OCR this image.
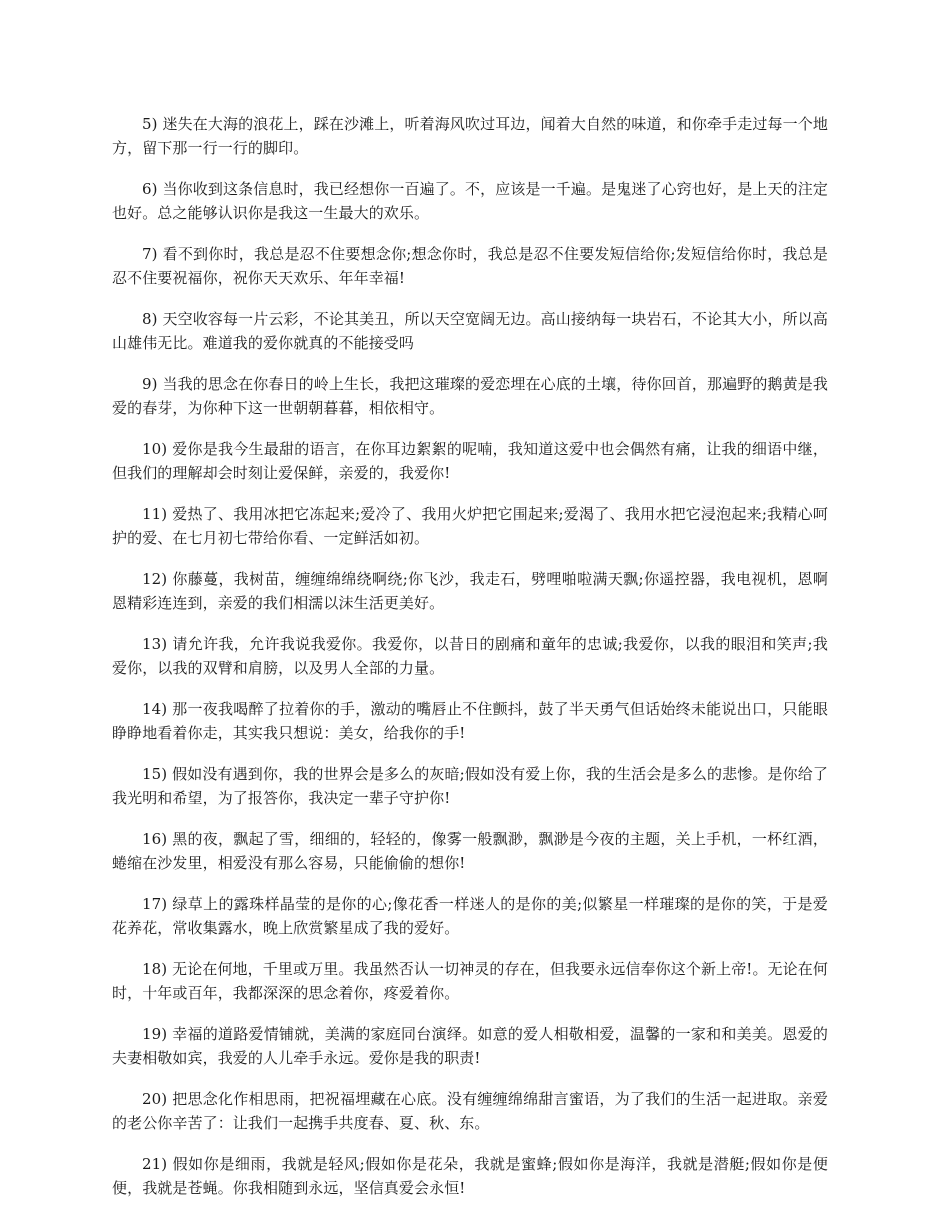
5) 迷失在大海的浪花上，踩在沙滩上，听着海风吹过耳边，闻着大自然的味道，和你牵手走过每一个地方，留下那一行一行的脚印。

6) 当你收到这条信息时，我已经想你一百遍了。不，应该是一千遍。是鬼迷了心窍也好，是上天的注定也好。总之能够认识你是我这一生最大的欢乐。

7) 看不到你时，我总是忍不住要想念你;想念你时，我总是忍不住要发短信给你;发短信给你时，我总是忍不住要祝福你，祝你天天欢乐、年年幸福!

8) 天空收容每一片云彩，不论其美丑，所以天空宽阔无边。高山接纳每一块岩石，不论其大小，所以高山雄伟无比。难道我的爱你就真的不能接受吗

9) 当我的思念在你春日的岭上生长，我把这璀璨的爱恋埋在心底的土壤，待你回首，那遍野的鹅黄是我爱的春芽，为你种下这一世朝朝暮暮，相依相守。

10) 爱你是我今生最甜的语言，在你耳边絮絮的呢喃，我知道这爱中也会偶然有痛，让我的细语中继，但我们的理解却会时刻让爱保鲜，亲爱的，我爱你!

11) 爱热了、我用冰把它冻起来;爱冷了、我用火炉把它围起来;爱渴了、我用水把它浸泡起来;我精心呵护的爱、在七月初七带给你看、一定鲜活如初。

12) 你藤蔓，我树苗，缠缠绵绵绕啊绕;你飞沙，我走石，劈哩啪啦满天飘;你遥控器，我电视机，恩啊恩精彩连连到，亲爱的我们相濡以沫生活更美好。

13) 请允许我，允许我说我爱你。我爱你，以昔日的剧痛和童年的忠诚;我爱你，以我的眼泪和笑声;我爱你，以我的双臂和肩膀，以及男人全部的力量。

14) 那一夜我喝醉了拉着你的手，激动的嘴唇止不住颤抖，鼓了半天勇气但话始终未能说出口，只能眼睁睁地看着你走，其实我只想说：美女，给我你的手!

15) 假如没有遇到你，我的世界会是多么的灰暗;假如没有爱上你，我的生活会是多么的悲惨。是你给了我光明和希望，为了报答你，我决定一辈子守护你!

16) 黑的夜，飘起了雪，细细的，轻轻的，像雾一般飘渺，飘渺是今夜的主题，关上手机，一杯红酒，蜷缩在沙发里，相爱没有那么容易，只能偷偷的想你!

17) 绿草上的露珠样晶莹的是你的心;像花香一样迷人的是你的美;似繁星一样璀璨的是你的笑，于是爱花养花，常收集露水，晚上欣赏繁星成了我的爱好。

18) 无论在何地，千里或万里。我虽然否认一切神灵的存在，但我要永远信奉你这个新上帝!。无论在何时，十年或百年，我都深深的思念着你，疼爱着你。

19) 幸福的道路爱情铺就，美满的家庭同台演绎。如意的爱人相敬相爱，温馨的一家和和美美。恩爱的夫妻相敬如宾，我爱的人儿牵手永远。爱你是我的职责!

20) 把思念化作相思雨，把祝福埋藏在心底。没有缠缠绵绵甜言蜜语，为了我们的生活一起进取。亲爱的老公你辛苦了：让我们一起携手共度春、夏、秋、东。

21) 假如你是细雨，我就是轻风;假如你是花朵，我就是蜜蜂;假如你是海洋，我就是潜艇;假如你是便便，我就是苍蝇。你我相随到永远，坚信真爱会永恒!
